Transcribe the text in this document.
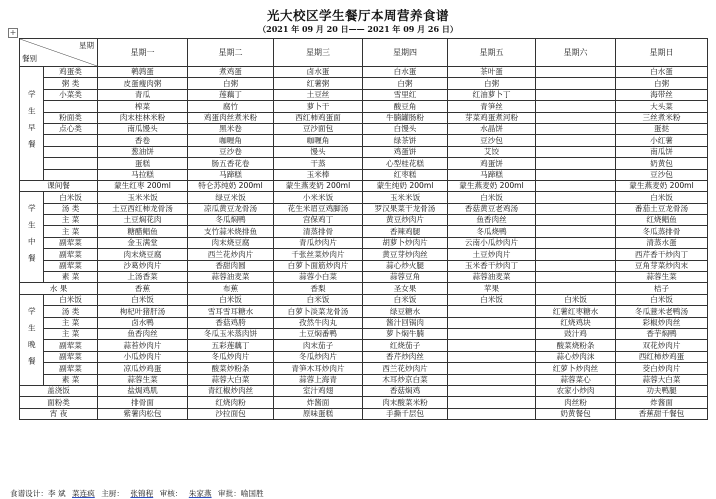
+
光大校区学生餐厅本周营养食谱
（2021 年 09 月 20 日—— 2021 年 09 月 26 日）
星期
餐别		星期一	星期二	星期三	星期四	星期五	星期六	星期日
学生早餐	鸡蛋类	鹌鹑蛋	煮鸡蛋	卤水蛋	白水蛋	茶叶蛋		白水蛋
	粥 类	皮蛋瘦肉粥	白粥	红薯粥	白粥	白粥		白粥
	小菜类	青瓜	莲藕丁	土豆丝	雪里红	红油萝卜丁		海带丝
		榨菜	腐竹	萝卜干	酸豆角	青笋丝		大头菜
	粉面类	肉末桂林米粉	鸡蛋肉丝煮米粉	西红柿鸡蛋面	牛腩罐肠粉	芽菜鸡蛋煮河粉		三丝煮米粉
	点心类	南瓜馒头	黑米卷	豆沙面包	白馒头	水晶饼		蛋挞
		香卷	咖喱角	咖喱角	绿茶饼	豆沙包		小红薯
		葱油饼	豆沙卷	馒头	鸡蛋饼	艾饺		南瓜饼
		蛋糕	肠五香花卷	干蒸	心型桂花糕	鸡蛋饼		奶黄包
		马拉糕	马蹄糕	玉米棒	红枣糕	马蹄糕		豆沙包
课间餐		蒙生红枣 200ml	特仑苏纯奶 200ml	蒙生燕麦奶 200ml	蒙生纯奶 200ml	蒙生燕麦奶 200ml		蒙生燕麦奶 200ml
学生中餐	白米饭	玉米米饭	绿豆米饭	小米米饭	玉米米饭	白米饭		白米饭
	汤 类	土豆西红柿龙骨汤	凉瓜黄豆龙骨汤	花生米眉豆鸡脚汤	罗汉果菜干龙骨汤	香菇黄豆老鸡汤		番茄土豆龙骨汤
	主 菜	土豆焖花肉	冬瓜焖鸭	宫保鸡丁	黄豆炒肉片	鱼香肉丝		红烧鲳鱼
	主 菜	糖醋鲳鱼	支竹蒜米烧排鱼	清蒸排骨	香辣鸡腿	冬瓜烧鸭		冬瓜蒸排骨
	副荤菜	金玉满堂	肉末烧豆腐	青瓜炒肉片	胡萝卜炒肉片	云南小瓜炒肉片		清蒸水蛋
	副荤菜	肉末烧豆腐	西兰花炒肉片	千张丝菜炒肉片	黄豆芽炒肉丝	土豆炒肉片		西芹香干炒肉丁
	副荤菜	沙葛炒肉片	香甜肉圆	白萝卜面筋炒肉片	蒜心炒火腿	玉米香干炒肉丁		豆角芽菜炒肉末
	素 菜	上汤香菜	蒜蓉油麦菜	蒜蓉小白菜	蒜蓉豆角	蒜蓉油麦菜		蒜蓉生菜
水 果		香蕉	布蕉	香梨	圣女果	苹果		桔子
学生晚餐	白米饭	白米饭	白米饭	白米饭	白米饭	白米饭	白米饭	白米饭
	汤 类	枸杞叶猪肝汤	雪耳雪耳糖水	白萝卜淡菜龙骨汤	绿豆糖水		红薯红枣糖水	冬瓜薏米老鸭汤
	主 菜	卤水鸭	香菇鸡胯	孜然牛肉丸	酱汁回锅肉		红烧鸡块	彩椒炒肉丝
	主 菜	鱼香肉丝	冬瓜玉米蒸肉饼	土豆焖番鸭	萝卜焖牛腩		豉汁鸡	香芋焖鸭
	副荤菜	蒜苔炒肉片	五彩莲藕丁	肉末茄子	红烧茄子		酸菜烧粉条	双花炒肉片
	副荤菜	小瓜炒肉片	冬瓜炒肉片	冬瓜炒肉片	香芹炒肉丝		蒜心炒肉沫	西红柿炒鸡蛋
	副荤菜	凉瓜炒鸡蛋	酸菜炒粉条	青笋木耳炒肉片	西兰花炒肉片		红萝卜炒肉丝	茭白炒肉片
	素 菜	蒜蓉生菜	蒜蓉大白菜	蒜蓉上海青	木耳炒京白菜		蒜蓉菜心	蒜蓉大白菜
盖浇饭		盐焗鸡肌	青红椒炒肉丝	室汁鸡翅	香菇焖鸡		农家小炒肉	功夫鸭腿
面粉类		排骨面	红烧肉粉	炸酱面	肉末酸菜米粉		肉丝粉	炸酱面
宵 夜		紫薯肉松包	沙拉面包	原味蛋糕	手撕千层包		奶黄餐包	香蕉甜千餐包
食谱设计：李 斌 菜连疯 主厨： 张锦程 审核： 朱家燕 审批：喻国胜
